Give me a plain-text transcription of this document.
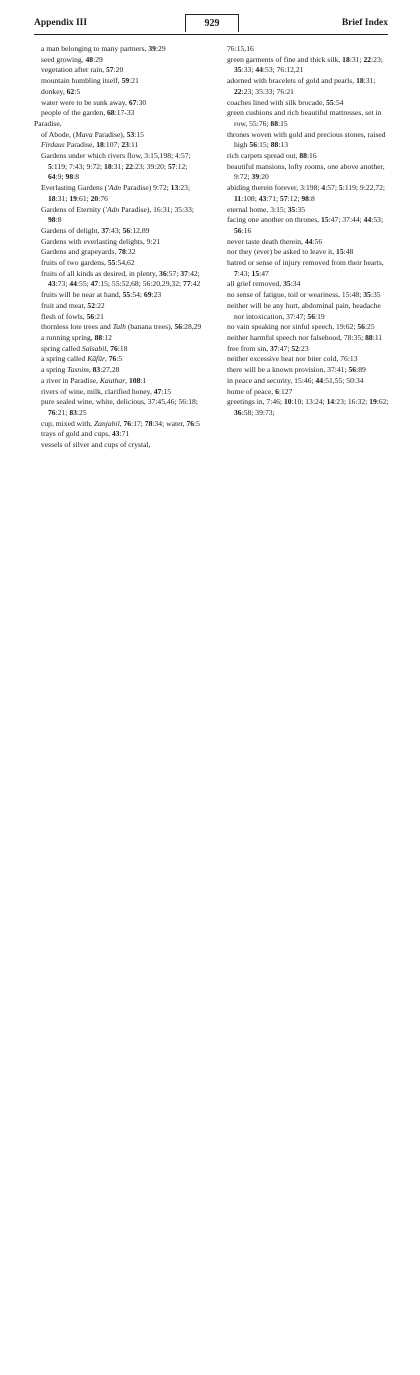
Appendix III	929	Brief Index
a man belonging to many partners, 39:29
seed growing, 48:29
vegetation after rain, 57:20
mountain humbling itself, 59:21
donkey, 62:5
water were to be sunk away, 67:30
people of the garden, 68:17-33
Paradise,
of Abode, (Mava Paradise), 53:15
Firdaus Paradise, 18:107; 23:11
Gardens under which rivers flow, 3:15,198; 4:57; 5:119; 7:43; 9:72; 18:31; 22:23; 39:20; 57:12; 64:9; 98:8
Everlasting Gardens ('Adn Paradise) 9:72; 13:23; 18:31; 19:61; 20:76
Gardens of Eternity ('Adn Paradise), 16:31; 35:33; 98:8
Gardens of delight, 37:43; 56:12,89
Gardens with everlasting delights, 9:21
Gardens and grapeyards, 78:32
fruits of two gardens, 55:54,62
fruits of all kinds as desired, in plenty, 36:57; 37:42; 43:73; 44:55; 47:15; 55:52,68; 56:20,29,32; 77:42
fruits will be near at hand, 55:54; 69:23
fruit and meat, 52:22
flesh of fowls, 56:21
thornless lote trees and Talh (banana trees), 56:28,29
a running spring, 88:12
spring called Salsabil, 76:18
a spring called Kāfūr, 76:5
a spring Tasnim, 83:27,28
a river in Paradise, Kauthar, 108:1
rivers of wine, milk, clarified honey, 47:15
pure sealed wine, white, delicious, 37:45,46; 56:18; 76:21; 83:25
cup, mixed with, Zanjabil, 76:17; 78:34; water, 76:5
trays of gold and cups, 43:71
vessels of silver and cups of crystal,
76:15,16
green garments of fine and thick silk, 18:31; 22:23; 35:33; 44:53; 76:12,21
adorned with bracelets of gold and pearls, 18:31; 22:23; 35:33; 76:21
coaches lined with silk brocade, 55:54
green cushions and rich beautiful mattresses, set in row, 55:76; 88:15
thrones woven with gold and precious stones, raised high 56:15; 88:13
rich carpets spread out, 88:16
beautiful mansions, lofty rooms, one above another, 9:72; 39:20
abiding therein forever, 3:198; 4:57; 5:119; 9:22,72; 11:108; 43:71; 57:12; 98:8
eternal home, 3:15; 35:35
facing one another on thrones, 15:47; 37:44; 44:53; 56:16
never taste death therein, 44:56
nor they (ever) be asked to leave it, 15:48
hatred or sense of injury removed from their hearts, 7:43; 15:47
all grief removed, 35:34
no sense of fatigue, toil or weariness, 15:48; 35:35
neither will be any hurt, abdominal pain, headache nor intoxication, 37:47; 56:19
no vain speaking nor sinful speech, 19:62; 56:25
neither harmful speech nor falsehood, 78:35; 88:11
free from sin, 37:47; 52:23
neither excessive heat nor biter cold, 76:13
there will be a known provision, 37:41; 56:89
in peace and security, 15:46; 44:51,55; 50:34
home of peace, 6:127
greetings in, 7:46; 10:10; 13:24; 14:23; 16:32; 19:62; 36:58; 39:73;
